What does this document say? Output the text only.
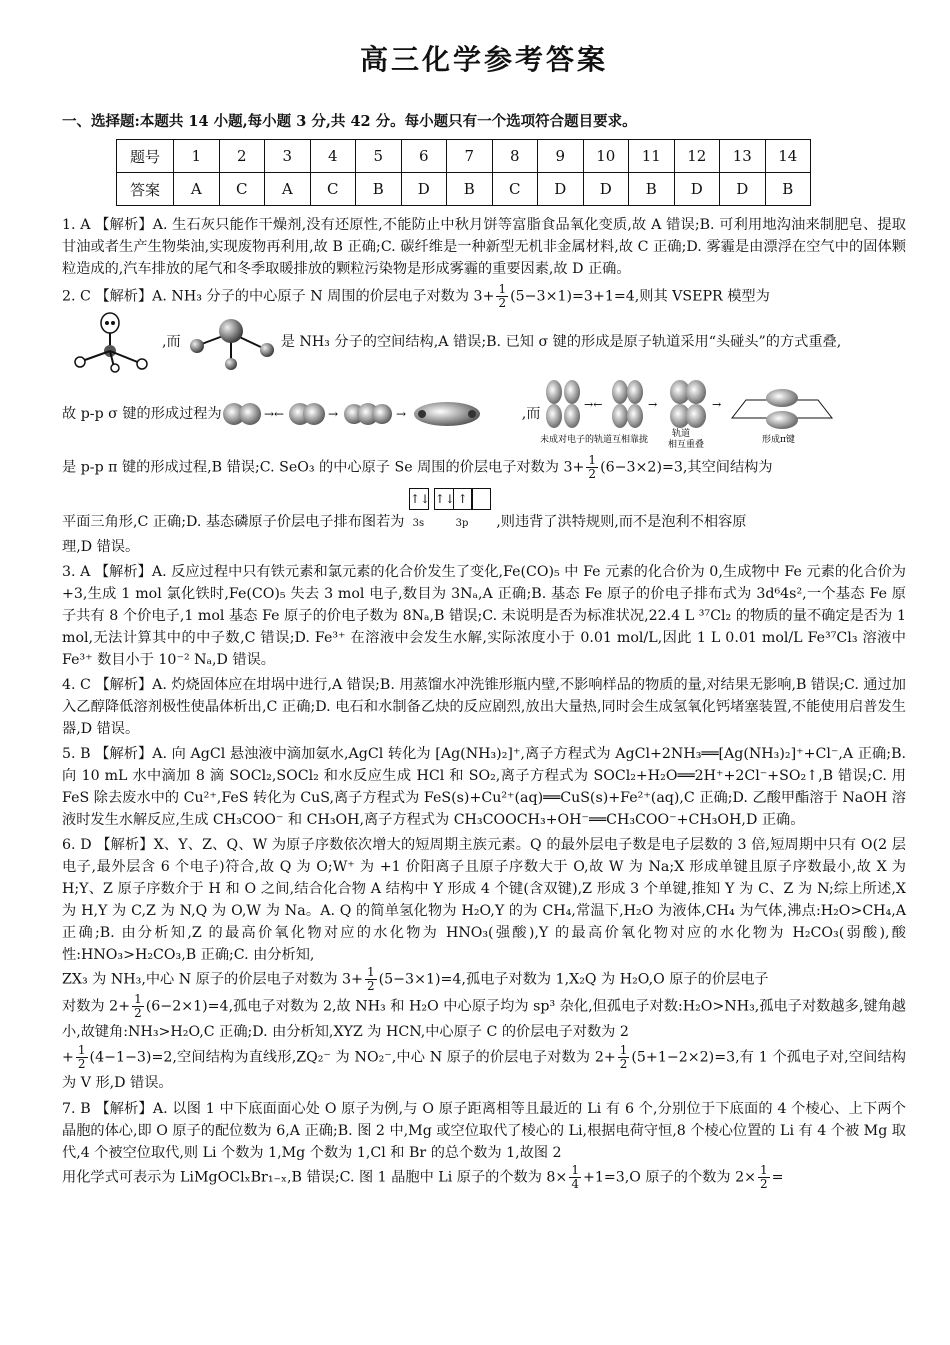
高三化学参考答案
一、选择题:本题共 14 小题,每小题 3 分,共 42 分。每小题只有一个选项符合题目要求。
题号	1	2	3	4	5	6	7	8	9	10	11	12	13	14
答案	A	C	A	C	B	D	B	C	D	D	B	D	D	B
1. A 【解析】A. 生石灰只能作干燥剂,没有还原性,不能防止中秋月饼等富脂食品氧化变质,故 A 错误;B. 可利用地沟油来制肥皂、提取甘油或者生产生物柴油,实现废物再利用,故 B 正确;C. 碳纤维是一种新型无机非金属材料,故 C 正确;D. 雾霾是由漂浮在空气中的固体颗粒造成的,汽车排放的尾气和冬季取暖排放的颗粒污染物是形成雾霾的重要因素,故 D 正确。

2. C 【解析】A. NH₃ 分子的中心原子 N 周围的价层电子对数为 $3+ \frac{1}{2} (5-3\times 1)=3+1=4$,则其 VSEPR 模型为

,而	是 NH₃ 分子的空间结构,A 错误;B. 已知 σ 键的形成是原子轨道采用“头碰头”的方式重叠,
故 p-p σ 键的形成过程为	→←	→	→	,而
→←	→	→
未成对电子的轨道互相靠拢
轨道
相互重叠	形成π键

是 p-p π 键的形成过程,B 错误;C. SeO₃ 的中心原子 Se 周围的价层电子对数为 $3+ \frac{1}{2} (6-3\times 2)=3$,其空间结构为

平面三角形,C 正确;D. 基态磷原子价层电子排布图若为
↑↓
3s
↑↓ ↑
3p	,则违背了洪特规则,而不是泡利不相容原

理,D 错误。

3. A 【解析】A. 反应过程中只有铁元素和氯元素的化合价发生了变化,Fe(CO)₅ 中 Fe 元素的化合价为 0,生成物中 Fe 元素的化合价为 +3,生成 1 mol 氯化铁时,Fe(CO)₅ 失去 3 mol 电子,数目为 3Nₐ,A 正确;B. 基态 Fe 原子的价电子排布式为 3d⁶4s²,一个基态 Fe 原子共有 8 个价电子,1 mol 基态 Fe 原子的价电子数为 8Nₐ,B 错误;C. 未说明是否为标准状况,22.4 L ³⁷Cl₂ 的物质的量不确定是否为 1 mol,无法计算其中的中子数,C 错误;D. Fe³⁺ 在溶液中会发生水解,实际浓度小于 0.01 mol/L,因此 1 L 0.01 mol/L Fe³⁷Cl₃ 溶液中 Fe³⁺ 数目小于 10⁻² Nₐ,D 错误。
4. C 【解析】A. 灼烧固体应在坩埚中进行,A 错误;B. 用蒸馏水冲洗锥形瓶内壁,不影响样品的物质的量,对结果无影响,B 错误;C. 通过加入乙醇降低溶剂极性使晶体析出,C 正确;D. 电石和水制备乙炔的反应剧烈,放出大量热,同时会生成氢氧化钙堵塞装置,不能使用启普发生器,D 错误。
5. B 【解析】A. 向 AgCl 悬浊液中滴加氨水,AgCl 转化为 [Ag(NH₃)₂]⁺,离子方程式为 AgCl+2NH₃══[Ag(NH₃)₂]⁺+Cl⁻,A 正确;B. 向 10 mL 水中滴加 8 滴 SOCl₂,SOCl₂ 和水反应生成 HCl 和 SO₂,离子方程式为 SOCl₂+H₂O══2H⁺+2Cl⁻+SO₂↑,B 错误;C. 用 FeS 除去废水中的 Cu²⁺,FeS 转化为 CuS,离子方程式为 FeS(s)+Cu²⁺(aq)══CuS(s)+Fe²⁺(aq),C 正确;D. 乙酸甲酯溶于 NaOH 溶液时发生水解反应,生成 CH₃COO⁻ 和 CH₃OH,离子方程式为 CH₃COOCH₃+OH⁻══CH₃COO⁻+CH₃OH,D 正确。

6. D 【解析】X、Y、Z、Q、W 为原子序数依次增大的短周期主族元素。Q 的最外层电子数是电子层数的 3 倍,短周期中只有 O(2 层电子,最外层含 6 个电子)符合,故 Q 为 O;W⁺ 为 +1 价阳离子且原子序数大于 O,故 W 为 Na;X 形成单键且原子序数最小,故 X 为 H;Y、Z 原子序数介于 H 和 O 之间,结合化合物 A 结构中 Y 形成 4 个键(含双键),Z 形成 3 个单键,推知 Y 为 C、Z 为 N;综上所述,X 为 H,Y 为 C,Z 为 N,Q 为 O,W 为 Na。A. Q 的简单氢化物为 H₂O,Y 的为 CH₄,常温下,H₂O 为液体,CH₄ 为气体,沸点:H₂O>CH₄,A 正确;B. 由分析知,Z 的最高价氧化物对应的水化物为 HNO₃(强酸),Y 的最高价氧化物对应的水化物为 H₂CO₃(弱酸),酸性:HNO₃>H₂CO₃,B 正确;C. 由分析知,

ZX₃ 为 NH₃,中心 N 原子的价层电子对数为 $3+ \frac{1}{2} (5-3\times 1)=4$,孤电子对数为 1,X₂Q 为 H₂O,O 原子的价层电子

对数为 $2+ \frac{1}{2} (6-2\times 1)=4$,孤电子对数为 2,故 NH₃ 和 H₂O 中心原子均为 sp³ 杂化,但孤电子对数:H₂O>NH₃,孤电子对数越多,键角越小,故键角:NH₃>H₂O,C 正确;D. 由分析知,XYZ 为 HCN,中心原子 C 的价层电子对数为 2

+ $\frac{1}{2} (4-1-3)=2$,空间结构为直线形,ZQ₂⁻ 为 NO₂⁻,中心 N 原子的价层电子对数为 $2+ \frac{1}{2} (5+1-2\times 2)=3$,有 1 个孤电子对,空间结构为 V 形,D 错误。

7. B 【解析】A. 以图 1 中下底面面心处 O 原子为例,与 O 原子距离相等且最近的 Li 有 6 个,分别位于下底面的 4 个棱心、上下两个晶胞的体心,即 O 原子的配位数为 6,A 正确;B. 图 2 中,Mg 或空位取代了棱心的 Li,根据电荷守恒,8 个棱心位置的 Li 有 4 个被 Mg 取代,4 个被空位取代,则 Li 个数为 1,Mg 个数为 1,Cl 和 Br 的总个数为 1,故图 2

用化学式可表示为 LiMgOClₓBr₁₋ₓ,B 错误;C. 图 1 晶胞中 Li 原子的个数为 $8\times \frac{1}{4} +1=3,O$ 原子的个数为 $2\times \frac{1}{2}$ =
